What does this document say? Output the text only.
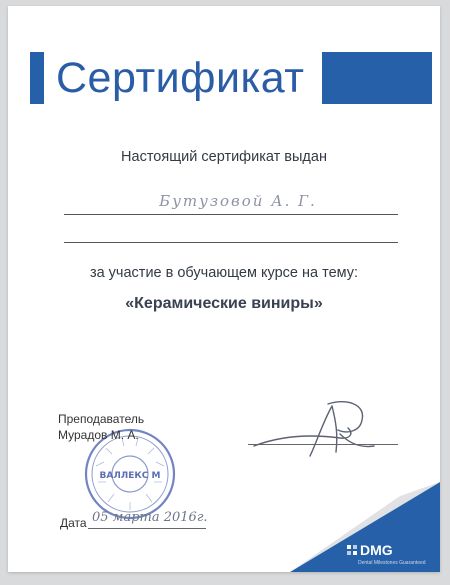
Сертификат
Настоящий сертификат выдан
Бутузовой А. Г.
за участие в обучающем курсе на тему:
«Керамические виниры»
ВАЛЛЕКС М
Преподаватель
Мурадов М. А.
Дата 05 марта 2016г.
DMG
Dental Milestones Guaranteed
